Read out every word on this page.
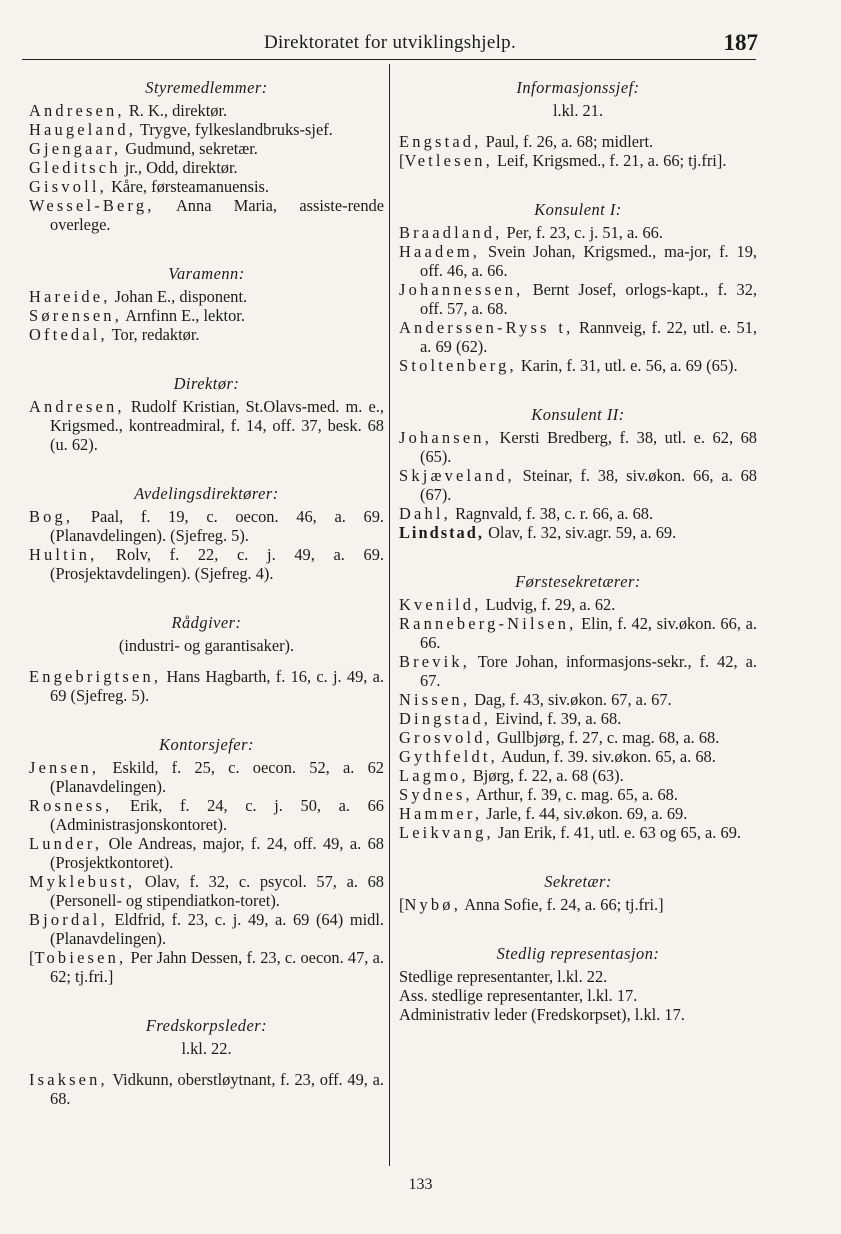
Direktoratet for utviklingshjelp.	187
Styremedlemmer:
Andresen, R. K., direktør.
Haugeland, Trygve, fylkeslandbruks-sjef.
Gjengaar, Gudmund, sekretær.
Gleditsch jr., Odd, direktør.
Gisvoll, Kåre, førsteamanuensis.
Wessel-Berg, Anna Maria, assiste-rende overlege.
Varamenn:
Hareide, Johan E., disponent.
Sørensen, Arnfinn E., lektor.
Oftedal, Tor, redaktør.
Direktør:
Andresen, Rudolf Kristian, St.Olavs-med. m. e., Krigsmed., kontreadmiral, f. 14, off. 37, besk. 68 (u. 62).
Avdelingsdirektører:
Bog, Paal, f. 19, c. oecon. 46, a. 69. (Planavdelingen). (Sjefreg. 5).
Hultin, Rolv, f. 22, c. j. 49, a. 69. (Prosjektavdelingen). (Sjefreg. 4).
Rådgiver:
(industri- og garantisaker).
Engebrigtsen, Hans Hagbarth, f. 16, c. j. 49, a. 69 (Sjefreg. 5).
Kontorsjefer:
Jensen, Eskild, f. 25, c. oecon. 52, a. 62 (Planavdelingen).
Rosness, Erik, f. 24, c. j. 50, a. 66 (Administrasjonskontoret).
Lunder, Ole Andreas, major, f. 24, off. 49, a. 68 (Prosjektkontoret).
Myklebust, Olav, f. 32, c. psycol. 57, a. 68 (Personell- og stipendiatkon-toret).
Bjordal, Eldfrid, f. 23, c. j. 49, a. 69 (64) midl. (Planavdelingen).
[Tobiesen, Per Jahn Dessen, f. 23, c. oecon. 47, a. 62; tj.fri.]
Fredskorpsleder:
l.kl. 22.
Isaksen, Vidkunn, oberstløytnant, f. 23, off. 49, a. 68.
Informasjonssjef:
l.kl. 21.
Engstad, Paul, f. 26, a. 68; midlert.
[Vetlesen, Leif, Krigsmed., f. 21, a. 66; tj.fri].
Konsulent I:
Braadland, Per, f. 23, c. j. 51, a. 66.
Haadem, Svein Johan, Krigsmed., ma-jor, f. 19, off. 46, a. 66.
Johannessen, Bernt Josef, orlogs-kapt., f. 32, off. 57, a. 68.
Anderssen-Ryss t, Rannveig, f. 22, utl. e. 51, a. 69 (62).
Stoltenberg, Karin, f. 31, utl. e. 56, a. 69 (65).
Konsulent II:
Johansen, Kersti Bredberg, f. 38, utl. e. 62, 68 (65).
Skjæveland, Steinar, f. 38, siv.økon. 66, a. 68 (67).
Dahl, Ragnvald, f. 38, c. r. 66, a. 68.
Lindstad, Olav, f. 32, siv.agr. 59, a. 69.
Førstesekretærer:
Kvenild, Ludvig, f. 29, a. 62.
Ranneberg-Nilsen, Elin, f. 42, siv.økon. 66, a. 66.
Brevik, Tore Johan, informasjons-sekr., f. 42, a. 67.
Nissen, Dag, f. 43, siv.økon. 67, a. 67.
Dingstad, Eivind, f. 39, a. 68.
Grosvold, Gullbjørg, f. 27, c. mag. 68, a. 68.
Gythfeldt, Audun, f. 39. siv.økon. 65, a. 68.
Lagmo, Bjørg, f. 22, a. 68 (63).
Sydnes, Arthur, f. 39, c. mag. 65, a. 68.
Hammer, Jarle, f. 44, siv.økon. 69, a. 69.
Leikvang, Jan Erik, f. 41, utl. e. 63 og 65, a. 69.
Sekretær:
[Nybø, Anna Sofie, f. 24, a. 66; tj.fri.]
Stedlig representasjon:
Stedlige representanter, l.kl. 22.
Ass. stedlige representanter, l.kl. 17.
Administrativ leder (Fredskorpset), l.kl. 17.
133
